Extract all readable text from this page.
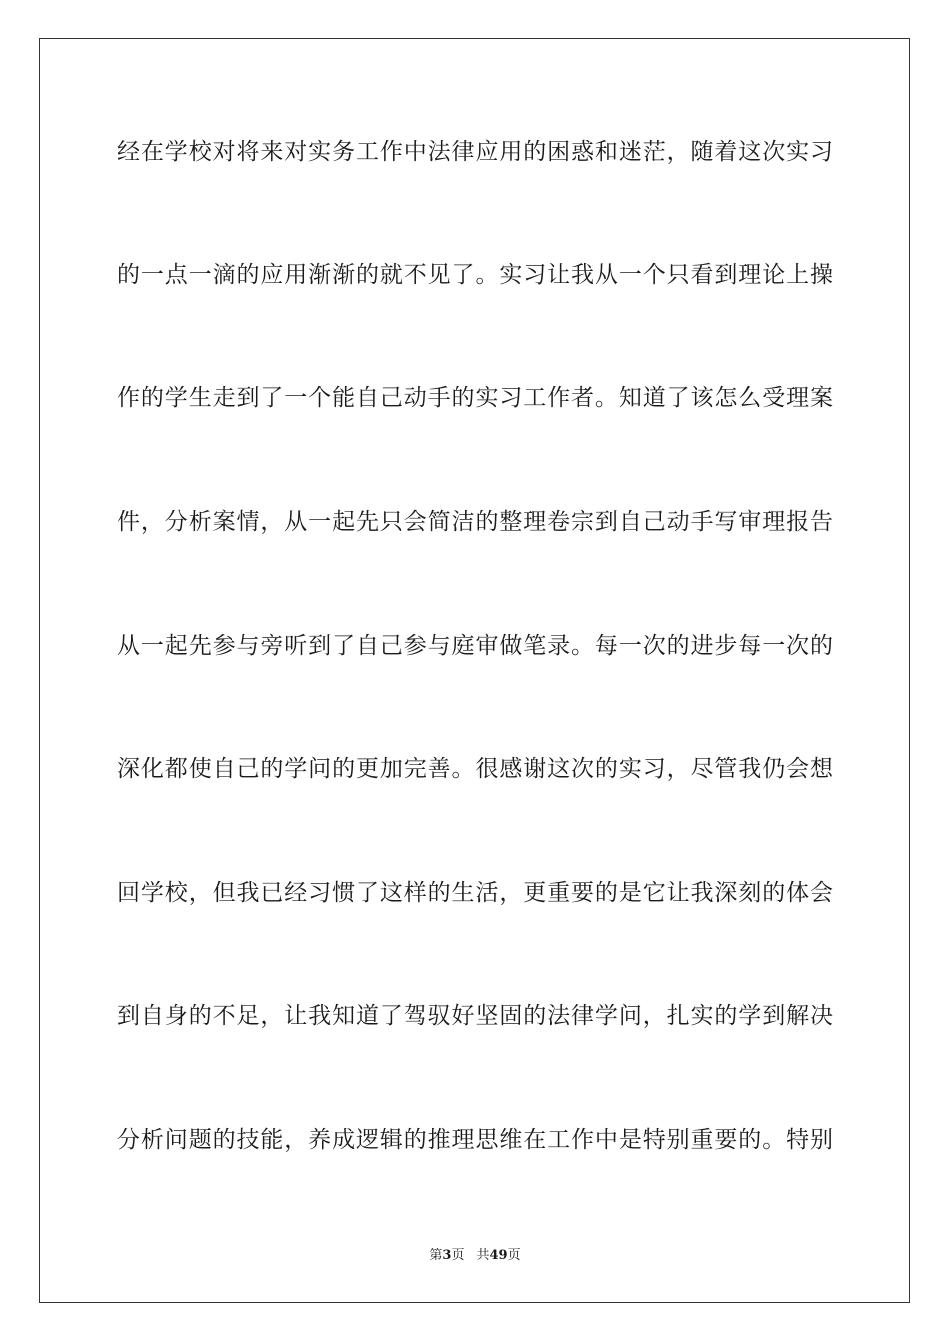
经在学校对将来对实务工作中法律应用的困惑和迷茫，随着这次实习
的一点一滴的应用渐渐的就不见了。实习让我从一个只看到理论上操
作的学生走到了一个能自己动手的实习工作者。知道了该怎么受理案
件，分析案情，从一起先只会简洁的整理卷宗到自己动手写审理报告
从一起先参与旁听到了自己参与庭审做笔录。每一次的进步每一次的
深化都使自己的学问的更加完善。很感谢这次的实习，尽管我仍会想
回学校，但我已经习惯了这样的生活，更重要的是它让我深刻的体会
到自身的不足，让我知道了驾驭好坚固的法律学问，扎实的学到解决
分析问题的技能，养成逻辑的推理思维在工作中是特别重要的。特别
第3页 共49页
